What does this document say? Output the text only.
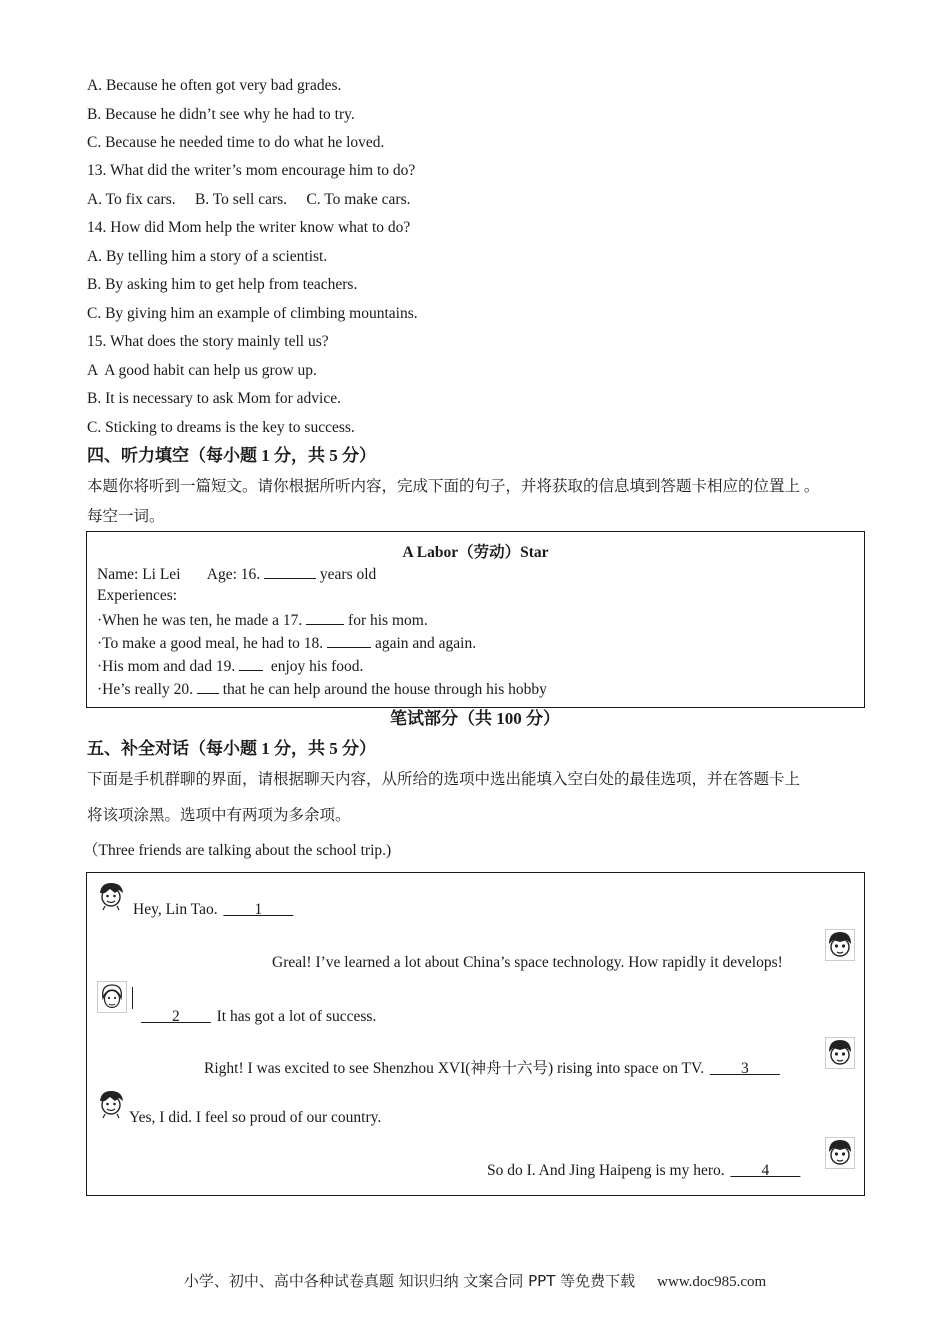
A. Because he often got very bad grades.
B. Because he didn’t see why he had to try.
C. Because he needed time to do what he loved.
13. What did the writer’s mom encourage him to do?
A. To fix cars.     B. To sell cars.     C. To make cars.
14. How did Mom help the writer know what to do?
A. By telling him a story of a scientist.
B. By asking him to get help from teachers.
C. By giving him an example of climbing mountains.
15. What does the story mainly tell us?
A  A good habit can help us grow up.
B. It is necessary to ask Mom for advice.
C. Sticking to dreams is the key to success.
四、听力填空（每小题 1 分，共 5 分）
本题你将听到一篇短文。请你根据所听内容，完成下面的句子，并将获取的信息填到答题卡相应的位置上 。
每空一词。
A Labor（劳动）Star
Name: Li Lei Age: 16.	years old
Experiences:
·When he was ten, he made a 17.  for his mom.
·To make a good meal, he had to 18.	again and again.
·His mom and dad 19.   enjoy his food.
·He’s really 20.  that he can help around the house through his hobby
笔试部分（共 100 分）
五、补全对话（每小题 1 分，共 5 分）
下面是手机群聊的界面，请根据聊天内容，从所给的选项中选出能填入空白处的最佳选项，并在答题卡上
将该项涂黑。选项中有两项为多余项。
（Three friends are talking about the school trip.)
Hey, Lin Tao. ____1____
Greal! I’ve learned a lot about China’s space technology. How rapidly it develops!
____2____ It has got a lot of success.
Right! I was excited to see Shenzhou XVI(神舟十六号) rising into space on TV. ____3____
Yes, I did. I feel so proud of our country.
So do I. And Jing Haipeng is my hero. ____4____
小学、初中、高中各种试卷真题 知识归纳 文案合同 PPT 等免费下载 www.doc985.com
